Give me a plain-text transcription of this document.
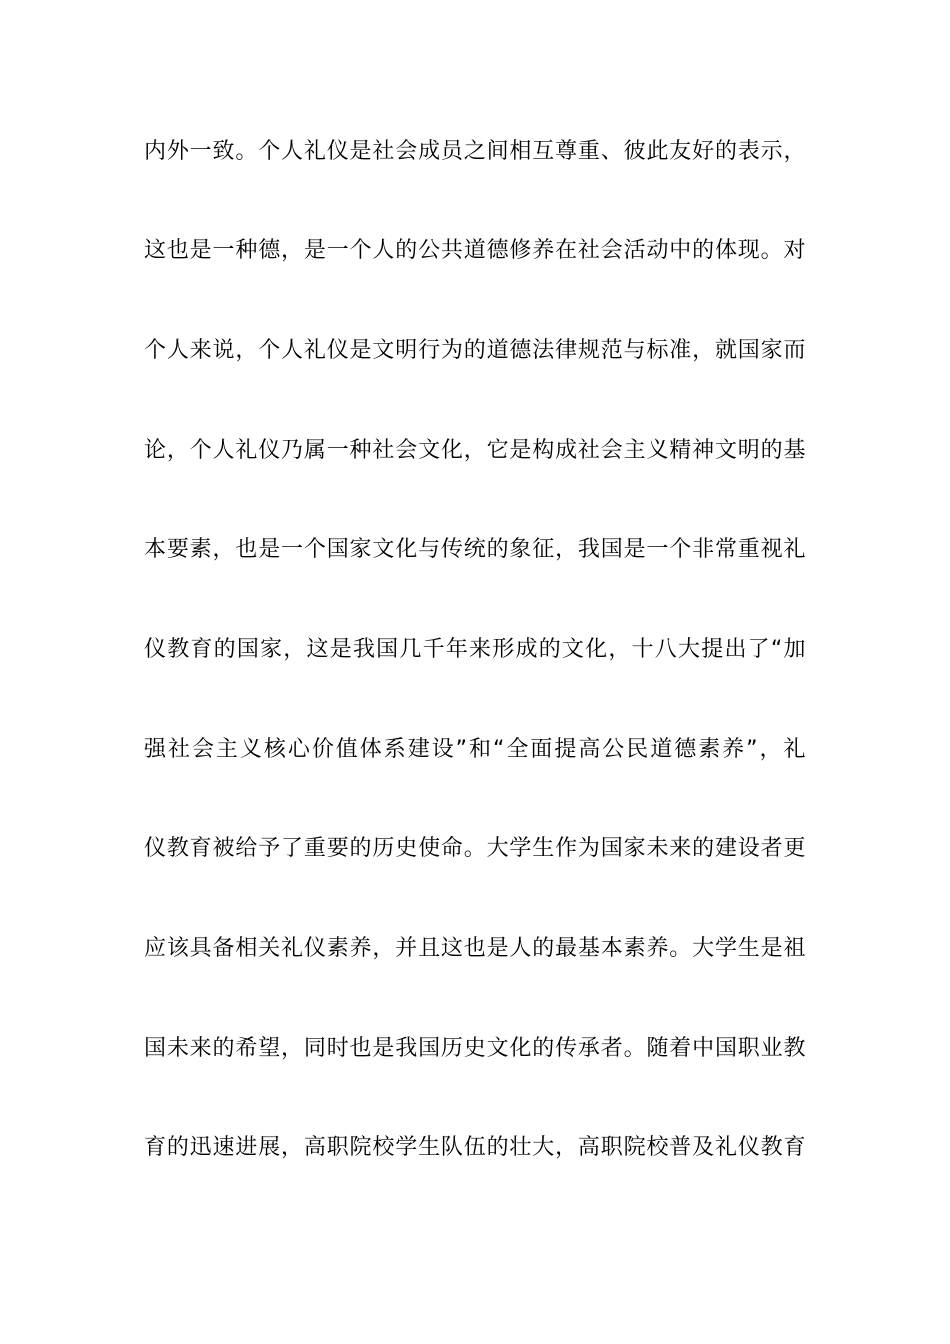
内外一致。个人礼仪是社会成员之间相互尊重、彼此友好的表示，
这也是一种德，是一个人的公共道德修养在社会活动中的体现。对
个人来说，个人礼仪是文明行为的道德法律规范与标准，就国家而
论，个人礼仪乃属一种社会文化，它是构成社会主义精神文明的基
本要素，也是一个国家文化与传统的象征，我国是一个非常重视礼
仪教育的国家，这是我国几千年来形成的文化，十八大提出了“加
强社会主义核心价值体系建设”和“全面提高公民道德素养”，礼
仪教育被给予了重要的历史使命。大学生作为国家未来的建设者更
应该具备相关礼仪素养，并且这也是人的最基本素养。大学生是祖
国未来的希望，同时也是我国历史文化的传承者。随着中国职业教
育的迅速进展，高职院校学生队伍的壮大，高职院校普及礼仪教育
